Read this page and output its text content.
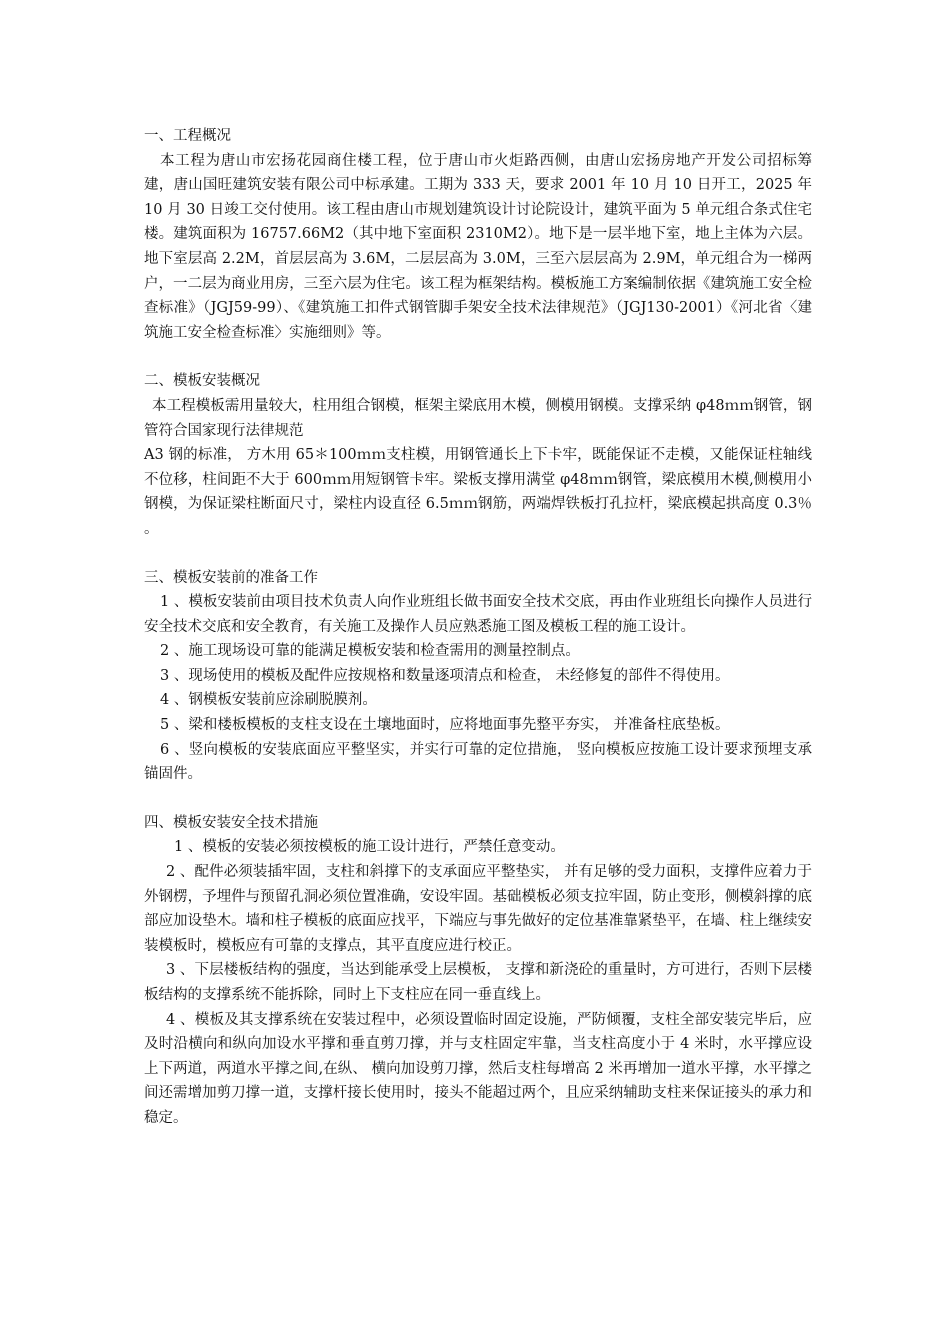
一、工程概况

本工程为唐山市宏扬花园商住楼工程，位于唐山市火炬路西侧，由唐山宏扬房地产开发公司招标筹建，唐山国旺建筑安装有限公司中标承建。工期为 333 天，要求 2001 年 10 月 10 日开工，2025 年 10 月 30 日竣工交付使用。该工程由唐山市规划建筑设计讨论院设计，建筑平面为 5 单元组合条式住宅楼。建筑面积为 16757.66M2（其中地下室面积 2310M2）。地下是一层半地下室，地上主体为六层。地下室层高 2.2M，首层层高为 3.6M，二层层高为 3.0M，三至六层层高为 2.9M，单元组合为一梯两户，一二层为商业用房，三至六层为住宅。该工程为框架结构。模板施工方案编制依据《建筑施工安全检查标准》（JGJ59-99）、《建筑施工扣件式钢管脚手架安全技术法律规范》（JGJ130-2001）《河北省〈建筑施工安全检查标准〉实施细则》等。

二、模板安装概况

本工程模板需用量较大，柱用组合钢模，框架主梁底用木模，侧模用钢模。支撑采纳 φ48ｍｍ钢管，钢管符合国家现行法律规范

A3 钢的标准， 方木用 65＊100ｍｍ支柱模，用钢管通长上下卡牢，既能保证不走模，又能保证柱轴线不位移，柱间距不大于 600ｍｍ用短钢管卡牢。梁板支撑用满堂 φ48ｍｍ钢管，梁底模用木模,侧模用小钢模，为保证梁柱断面尺寸，梁柱内设直径 6.5ｍｍ钢筋，两端焊铁板打孔拉杆，梁底模起拱高度 0.3％ 。

三、模板安装前的准备工作

1 、模板安装前由项目技术负责人向作业班组长做书面安全技术交底，再由作业班组长向操作人员进行安全技术交底和安全教育，有关施工及操作人员应熟悉施工图及模板工程的施工设计。

2 、施工现场设可靠的能满足模板安装和检查需用的测量控制点。

3 、现场使用的模板及配件应按规格和数量逐项清点和检查， 未经修复的部件不得使用。

4 、钢模板安装前应涂刷脱膜剂。

5 、梁和楼板模板的支柱支设在土壤地面时，应将地面事先整平夯实， 并准备柱底垫板。

6 、竖向模板的安装底面应平整坚实，并实行可靠的定位措施， 竖向模板应按施工设计要求预埋支承锚固件。

四、模板安装安全技术措施

1 、模板的安装必须按模板的施工设计进行，严禁任意变动。

2 、配件必须装插牢固，支柱和斜撑下的支承面应平整垫实， 并有足够的受力面积，支撑件应着力于外钢楞，予埋件与预留孔洞必须位置准确，安设牢固。基础模板必须支拉牢固，防止变形，侧模斜撑的底部应加设垫木。墙和柱子模板的底面应找平，下端应与事先做好的定位基准靠紧垫平，在墙、柱上继续安装模板时，模板应有可靠的支撑点，其平直度应进行校正。

3 、下层楼板结构的强度，当达到能承受上层模板， 支撑和新浇砼的重量时，方可进行，否则下层楼板结构的支撑系统不能拆除，同时上下支柱应在同一垂直线上。

4 、模板及其支撑系统在安装过程中，必须设置临时固定设施，严防倾覆，支柱全部安装完毕后，应及时沿横向和纵向加设水平撑和垂直剪刀撑，并与支柱固定牢靠，当支柱高度小于 4 米时，水平撑应设上下两道，两道水平撑之间,在纵、 横向加设剪刀撑，然后支柱每增高 2 米再增加一道水平撑，水平撑之间还需增加剪刀撑一道，支撑杆接长使用时，接头不能超过两个，且应采纳辅助支柱来保证接头的承力和稳定。
